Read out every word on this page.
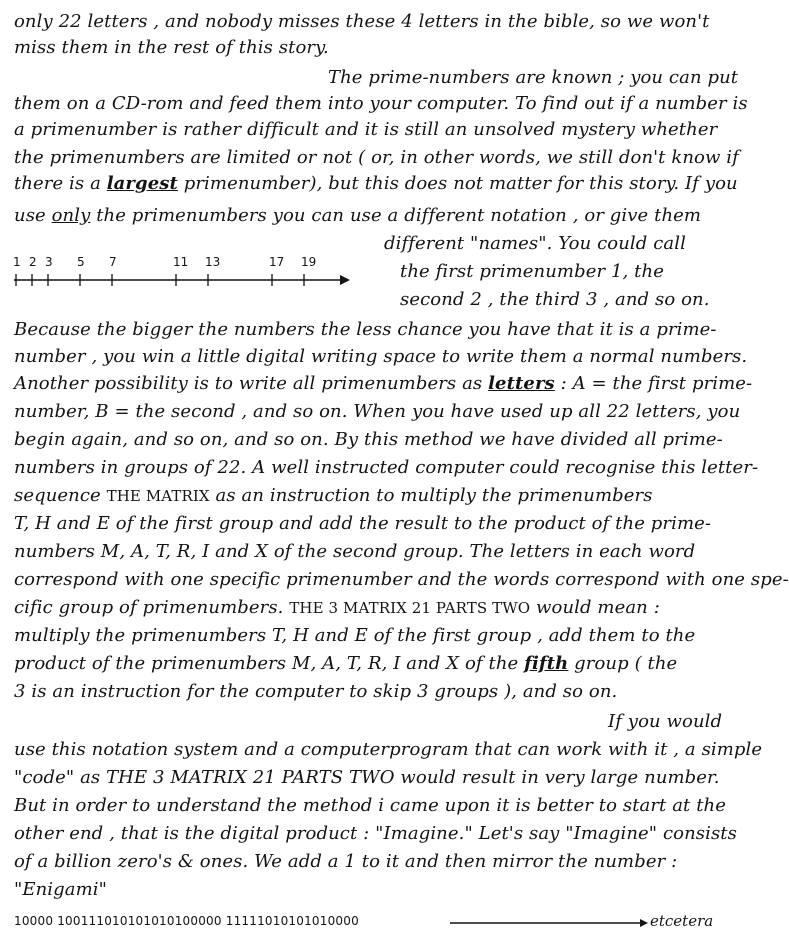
only 22 letters , and nobody misses these 4 letters in the bible, so we won't
miss them in the rest of this story.
The prime-numbers are known ; you can put
them on a CD-rom and feed them into your computer. To find out if a number is
a primenumber is rather difficult and it is still an unsolved mystery whether
the primenumbers are limited or not ( or, in other words, we still don't know if
there is a largest primenumber), but this does not matter for this story. If you
use only the primenumbers you can use a different notation , or give them
1 2 3 5 7	11 13	17 19
different "names". You could call
the first primenumber 1, the
second 2 , the third 3 , and so on.
Because the bigger the numbers the less chance you have that it is a prime-
number , you win a little digital writing space to write them a normal numbers.
Another possibility is to write all primenumbers as letters : A = the first prime-
number, B = the second , and so on. When you have used up all 22 letters, you
begin again, and so on, and so on. By this method we have divided all prime-
numbers in groups of 22. A well instructed computer could recognise this letter-
sequence THE MATRIX as an instruction to multiply the primenumbers
T, H and E of the first group and add the result to the product of the prime-
numbers M, A, T, R, I and X of the second group. The letters in each word
correspond with one specific primenumber and the words correspond with one spe-
cific group of primenumbers. THE 3 MATRIX 21 PARTS TWO would mean :
multiply the primenumbers T, H and E of the first group , add them to the
product of the primenumbers M, A, T, R, I and X of the fifth group ( the
3 is an instruction for the computer to skip 3 groups ), and so on.
If you would
use this notation system and a computerprogram that can work with it , a simple
"code" as THE 3 MATRIX 21 PARTS TWO would result in very large number.
But in order to understand the method i came upon it is better to start at the
other end , that is the digital product : "Imagine." Let's say "Imagine" consists
of a billion zero's & ones. We add a 1 to it and then mirror the number :
"Enigami"
10000 100111010101010100000 11111010101010000	etcetera
